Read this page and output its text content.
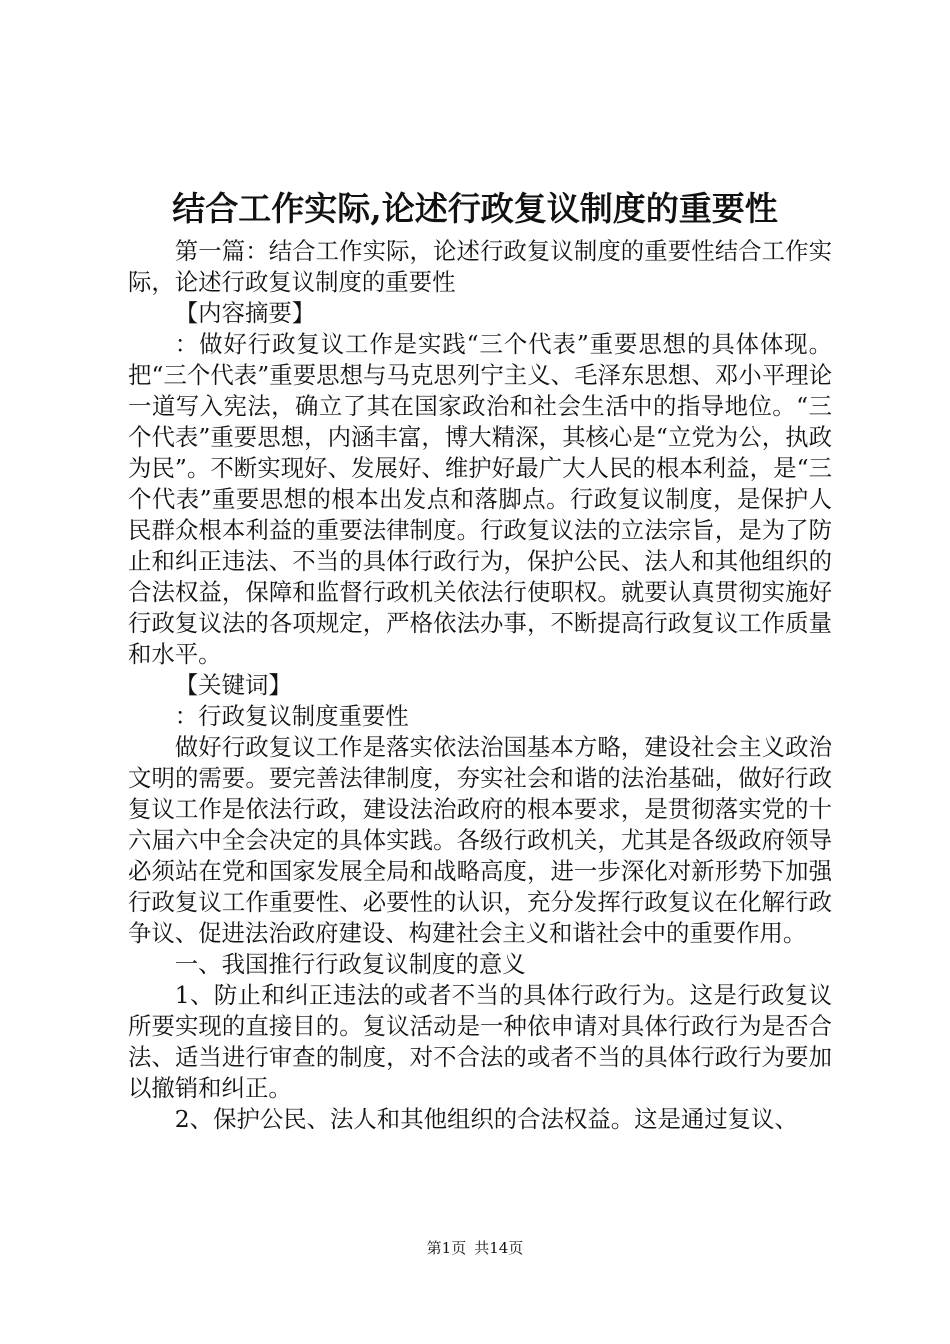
结合工作实际,论述行政复议制度的重要性

第一篇：结合工作实际，论述行政复议制度的重要性结合工作实际，论述行政复议制度的重要性

【内容摘要】

：做好行政复议工作是实践“三个代表”重要思想的具体体现。把“三个代表”重要思想与马克思列宁主义、毛泽东思想、邓小平理论一道写入宪法，确立了其在国家政治和社会生活中的指导地位。“三个代表”重要思想，内涵丰富，博大精深，其核心是“立党为公，执政为民”。不断实现好、发展好、维护好最广大人民的根本利益，是“三个代表”重要思想的根本出发点和落脚点。行政复议制度，是保护人民群众根本利益的重要法律制度。行政复议法的立法宗旨，是为了防止和纠正违法、不当的具体行政行为，保护公民、法人和其他组织的合法权益，保障和监督行政机关依法行使职权。就要认真贯彻实施好行政复议法的各项规定，严格依法办事，不断提高行政复议工作质量和水平。

【关键词】

：行政复议制度重要性

做好行政复议工作是落实依法治国基本方略，建设社会主义政治文明的需要。要完善法律制度，夯实社会和谐的法治基础，做好行政复议工作是依法行政，建设法治政府的根本要求，是贯彻落实党的十六届六中全会决定的具体实践。各级行政机关，尤其是各级政府领导必须站在党和国家发展全局和战略高度，进一步深化对新形势下加强行政复议工作重要性、必要性的认识，充分发挥行政复议在化解行政争议、促进法治政府建设、构建社会主义和谐社会中的重要作用。

一、我国推行行政复议制度的意义

1、防止和纠正违法的或者不当的具体行政行为。这是行政复议所要实现的直接目的。复议活动是一种依申请对具体行政行为是否合法、适当进行审查的制度，对不合法的或者不当的具体行政行为要加以撤销和纠正。

2、保护公民、法人和其他组织的合法权益。这是通过复议、

第1页 共14页
